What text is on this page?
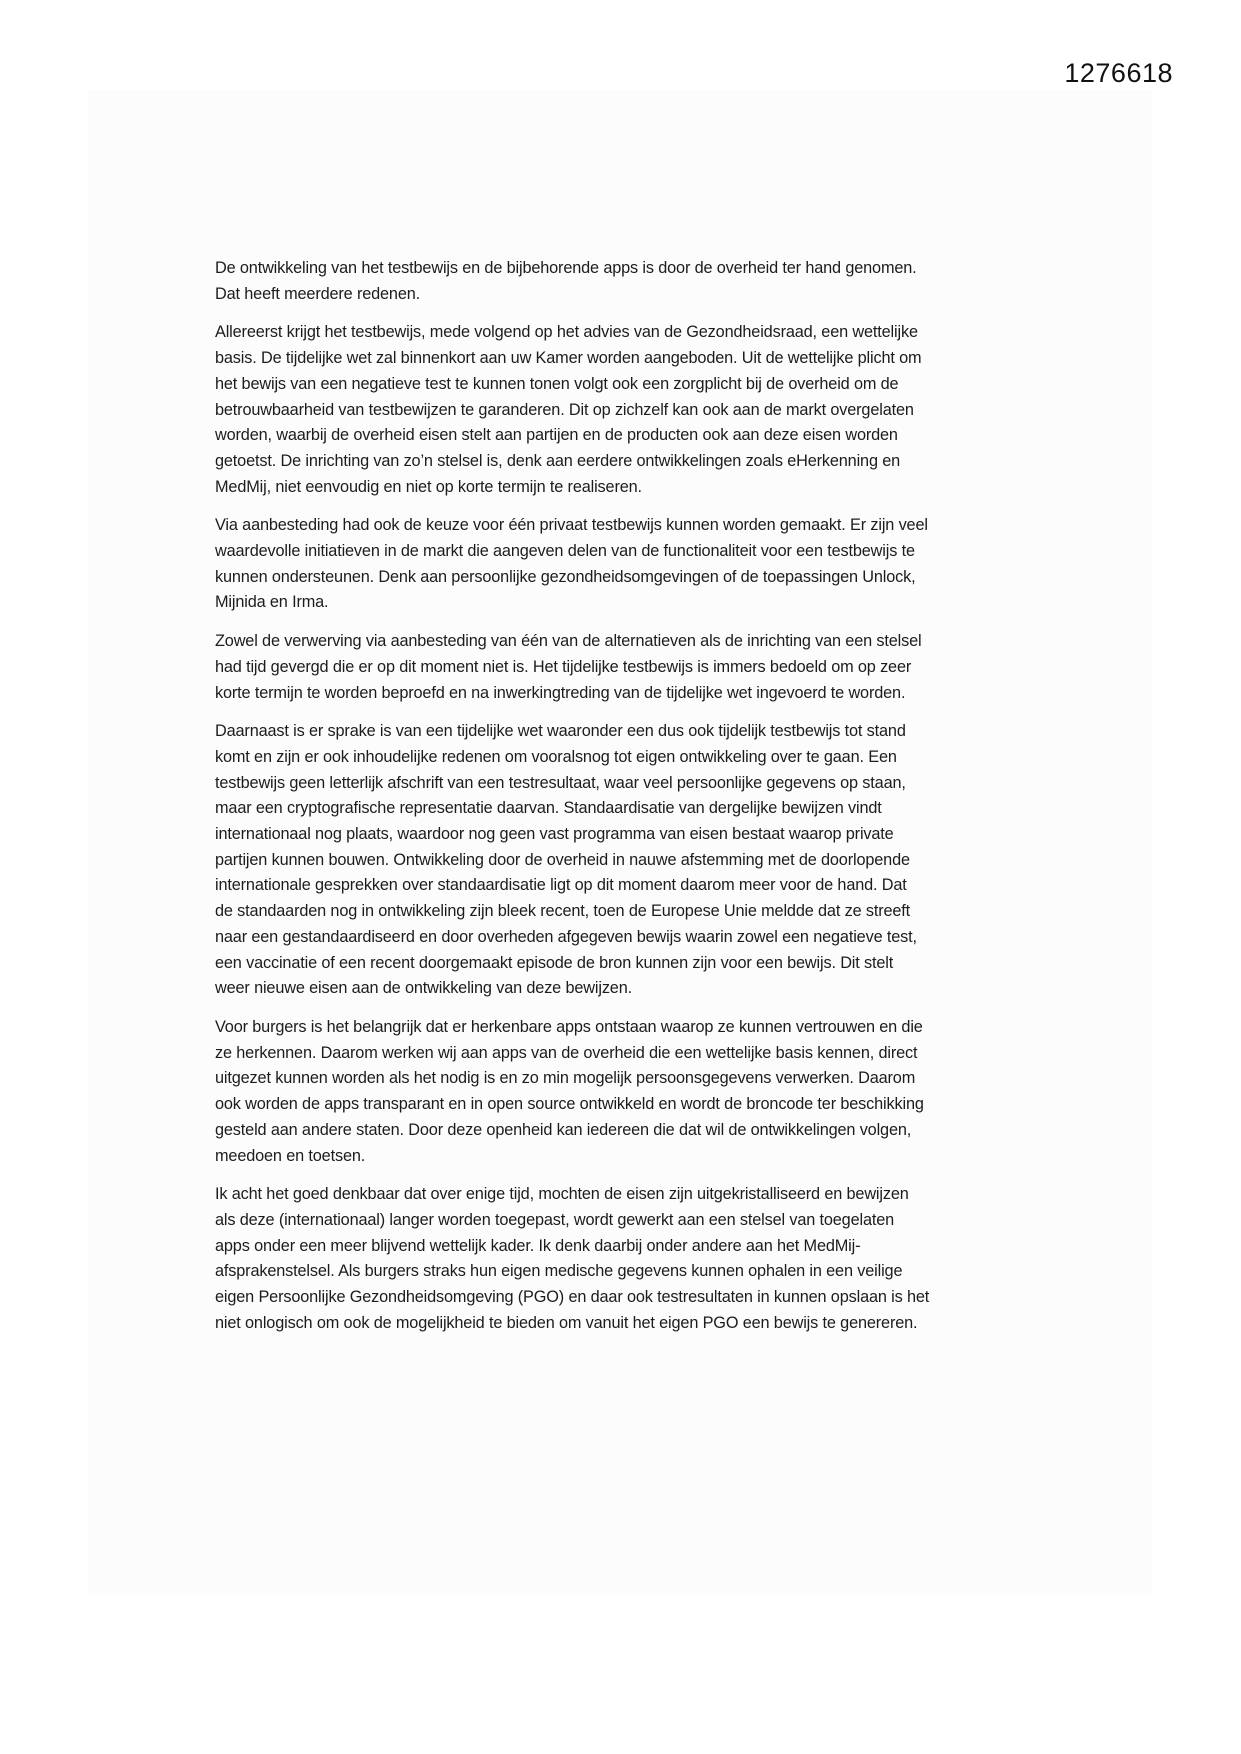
1276618

De ontwikkeling van het testbewijs en de bijbehorende apps is door de overheid ter hand genomen.
Dat heeft meerdere redenen.

Allereerst krijgt het testbewijs, mede volgend op het advies van de Gezondheidsraad, een wettelijke
basis. De tijdelijke wet zal binnenkort aan uw Kamer worden aangeboden. Uit de wettelijke plicht om
het bewijs van een negatieve test te kunnen tonen volgt ook een zorgplicht bij de overheid om de
betrouwbaarheid van testbewijzen te garanderen. Dit op zichzelf kan ook aan de markt overgelaten
worden, waarbij de overheid eisen stelt aan partijen en de producten ook aan deze eisen worden
getoetst. De inrichting van zo’n stelsel is, denk aan eerdere ontwikkelingen zoals eHerkenning en
MedMij, niet eenvoudig en niet op korte termijn te realiseren.

Via aanbesteding had ook de keuze voor één privaat testbewijs kunnen worden gemaakt. Er zijn veel
waardevolle initiatieven in de markt die aangeven delen van de functionaliteit voor een testbewijs te
kunnen ondersteunen. Denk aan persoonlijke gezondheidsomgevingen of de toepassingen Unlock,
Mijnida en Irma.

Zowel de verwerving via aanbesteding van één van de alternatieven als de inrichting van een stelsel
had tijd gevergd die er op dit moment niet is. Het tijdelijke testbewijs is immers bedoeld om op zeer
korte termijn te worden beproefd en na inwerkingtreding van de tijdelijke wet ingevoerd te worden.

Daarnaast is er sprake is van een tijdelijke wet waaronder een dus ook tijdelijk testbewijs tot stand
komt en zijn er ook inhoudelijke redenen om vooralsnog tot eigen ontwikkeling over te gaan. Een
testbewijs geen letterlijk afschrift van een testresultaat, waar veel persoonlijke gegevens op staan,
maar een cryptografische representatie daarvan. Standaardisatie van dergelijke bewijzen vindt
internationaal nog plaats, waardoor nog geen vast programma van eisen bestaat waarop private
partijen kunnen bouwen. Ontwikkeling door de overheid in nauwe afstemming met de doorlopende
internationale gesprekken over standaardisatie ligt op dit moment daarom meer voor de hand. Dat
de standaarden nog in ontwikkeling zijn bleek recent, toen de Europese Unie meldde dat ze streeft
naar een gestandaardiseerd en door overheden afgegeven bewijs waarin zowel een negatieve test,
een vaccinatie of een recent doorgemaakt episode de bron kunnen zijn voor een bewijs. Dit stelt
weer nieuwe eisen aan de ontwikkeling van deze bewijzen.

Voor burgers is het belangrijk dat er herkenbare apps ontstaan waarop ze kunnen vertrouwen en die
ze herkennen. Daarom werken wij aan apps van de overheid die een wettelijke basis kennen, direct
uitgezet kunnen worden als het nodig is en zo min mogelijk persoonsgegevens verwerken. Daarom
ook worden de apps transparant en in open source ontwikkeld en wordt de broncode ter beschikking
gesteld aan andere staten. Door deze openheid kan iedereen die dat wil de ontwikkelingen volgen,
meedoen en toetsen.

Ik acht het goed denkbaar dat over enige tijd, mochten de eisen zijn uitgekristalliseerd en bewijzen
als deze (internationaal) langer worden toegepast, wordt gewerkt aan een stelsel van toegelaten
apps onder een meer blijvend wettelijk kader. Ik denk daarbij onder andere aan het MedMij-
afsprakenstelsel. Als burgers straks hun eigen medische gegevens kunnen ophalen in een veilige
eigen Persoonlijke Gezondheidsomgeving (PGO) en daar ook testresultaten in kunnen opslaan is het
niet onlogisch om ook de mogelijkheid te bieden om vanuit het eigen PGO een bewijs te genereren.
